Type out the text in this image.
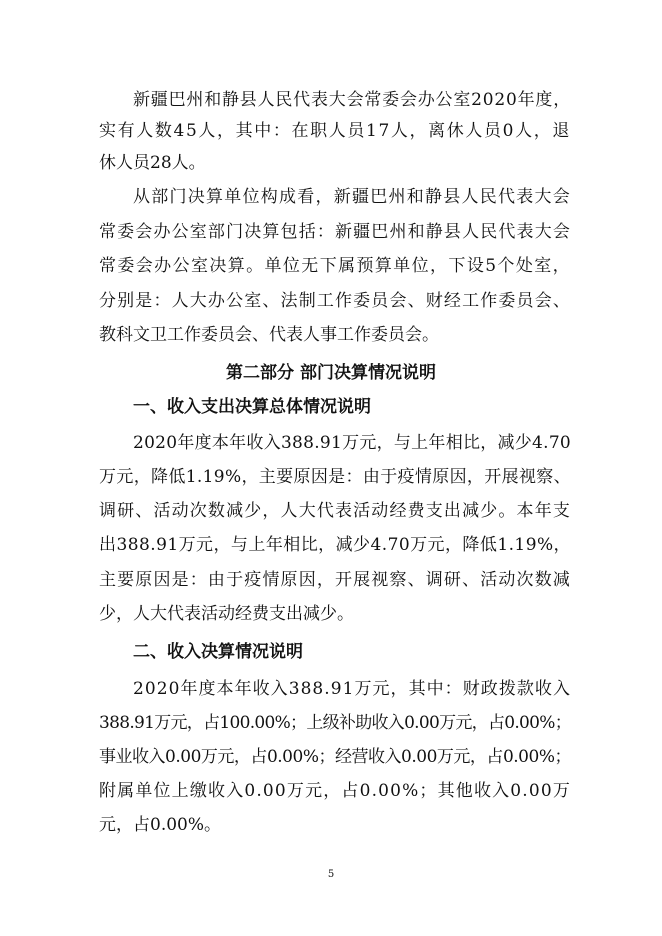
新疆巴州和静县人民代表大会常委会办公室2020年度，
实有人数45人，其中：在职人员17人，离休人员0人，退
休人员28人。
从部门决算单位构成看，新疆巴州和静县人民代表大会
常委会办公室部门决算包括：新疆巴州和静县人民代表大会
常委会办公室决算。单位无下属预算单位，下设5个处室，
分别是：人大办公室、法制工作委员会、财经工作委员会、
教科文卫工作委员会、代表人事工作委员会。
第二部分 部门决算情况说明
一、收入支出决算总体情况说明
2020年度本年收入388.91万元，与上年相比，减少4.70
万元，降低1.19%，主要原因是：由于疫情原因，开展视察、
调研、活动次数减少，人大代表活动经费支出减少。本年支
出388.91万元，与上年相比，减少4.70万元，降低1.19%，
主要原因是：由于疫情原因，开展视察、调研、活动次数减
少，人大代表活动经费支出减少。
二、收入决算情况说明
2020年度本年收入388.91万元，其中：财政拨款收入
388.91万元，占100.00%；上级补助收入0.00万元，占0.00%；
事业收入0.00万元，占0.00%；经营收入0.00万元，占0.00%；
附属单位上缴收入0.00万元，占0.00%；其他收入0.00万
元，占0.00%。
5
